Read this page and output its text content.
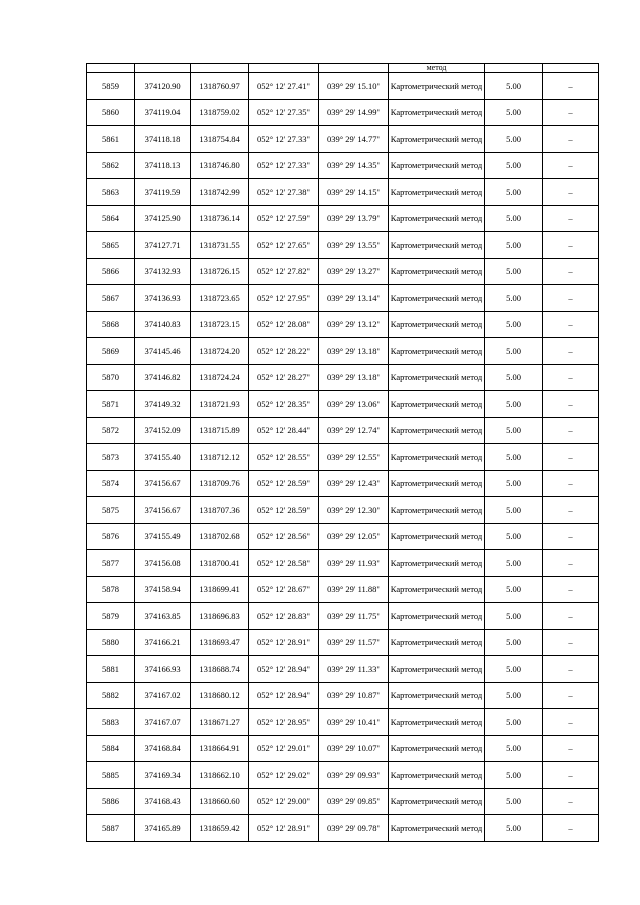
					метод		
5859	374120.90	1318760.97	052° 12' 27.41"	039° 29' 15.10"	Картометрический метод	5.00	–
5860	374119.04	1318759.02	052° 12' 27.35"	039° 29' 14.99"	Картометрический метод	5.00	–
5861	374118.18	1318754.84	052° 12' 27.33"	039° 29' 14.77"	Картометрический метод	5.00	–
5862	374118.13	1318746.80	052° 12' 27.33"	039° 29' 14.35"	Картометрический метод	5.00	–
5863	374119.59	1318742.99	052° 12' 27.38"	039° 29' 14.15"	Картометрический метод	5.00	–
5864	374125.90	1318736.14	052° 12' 27.59"	039° 29' 13.79"	Картометрический метод	5.00	–
5865	374127.71	1318731.55	052° 12' 27.65"	039° 29' 13.55"	Картометрический метод	5.00	–
5866	374132.93	1318726.15	052° 12' 27.82"	039° 29' 13.27"	Картометрический метод	5.00	–
5867	374136.93	1318723.65	052° 12' 27.95"	039° 29' 13.14"	Картометрический метод	5.00	–
5868	374140.83	1318723.15	052° 12' 28.08"	039° 29' 13.12"	Картометрический метод	5.00	–
5869	374145.46	1318724.20	052° 12' 28.22"	039° 29' 13.18"	Картометрический метод	5.00	–
5870	374146.82	1318724.24	052° 12' 28.27"	039° 29' 13.18"	Картометрический метод	5.00	–
5871	374149.32	1318721.93	052° 12' 28.35"	039° 29' 13.06"	Картометрический метод	5.00	–
5872	374152.09	1318715.89	052° 12' 28.44"	039° 29' 12.74"	Картометрический метод	5.00	–
5873	374155.40	1318712.12	052° 12' 28.55"	039° 29' 12.55"	Картометрический метод	5.00	–
5874	374156.67	1318709.76	052° 12' 28.59"	039° 29' 12.43"	Картометрический метод	5.00	–
5875	374156.67	1318707.36	052° 12' 28.59"	039° 29' 12.30"	Картометрический метод	5.00	–
5876	374155.49	1318702.68	052° 12' 28.56"	039° 29' 12.05"	Картометрический метод	5.00	–
5877	374156.08	1318700.41	052° 12' 28.58"	039° 29' 11.93"	Картометрический метод	5.00	–
5878	374158.94	1318699.41	052° 12' 28.67"	039° 29' 11.88"	Картометрический метод	5.00	–
5879	374163.85	1318696.83	052° 12' 28.83"	039° 29' 11.75"	Картометрический метод	5.00	–
5880	374166.21	1318693.47	052° 12' 28.91"	039° 29' 11.57"	Картометрический метод	5.00	–
5881	374166.93	1318688.74	052° 12' 28.94"	039° 29' 11.33"	Картометрический метод	5.00	–
5882	374167.02	1318680.12	052° 12' 28.94"	039° 29' 10.87"	Картометрический метод	5.00	–
5883	374167.07	1318671.27	052° 12' 28.95"	039° 29' 10.41"	Картометрический метод	5.00	–
5884	374168.84	1318664.91	052° 12' 29.01"	039° 29' 10.07"	Картометрический метод	5.00	–
5885	374169.34	1318662.10	052° 12' 29.02"	039° 29' 09.93"	Картометрический метод	5.00	–
5886	374168.43	1318660.60	052° 12' 29.00"	039° 29' 09.85"	Картометрический метод	5.00	–
5887	374165.89	1318659.42	052° 12' 28.91"	039° 29' 09.78"	Картометрический метод	5.00	–
